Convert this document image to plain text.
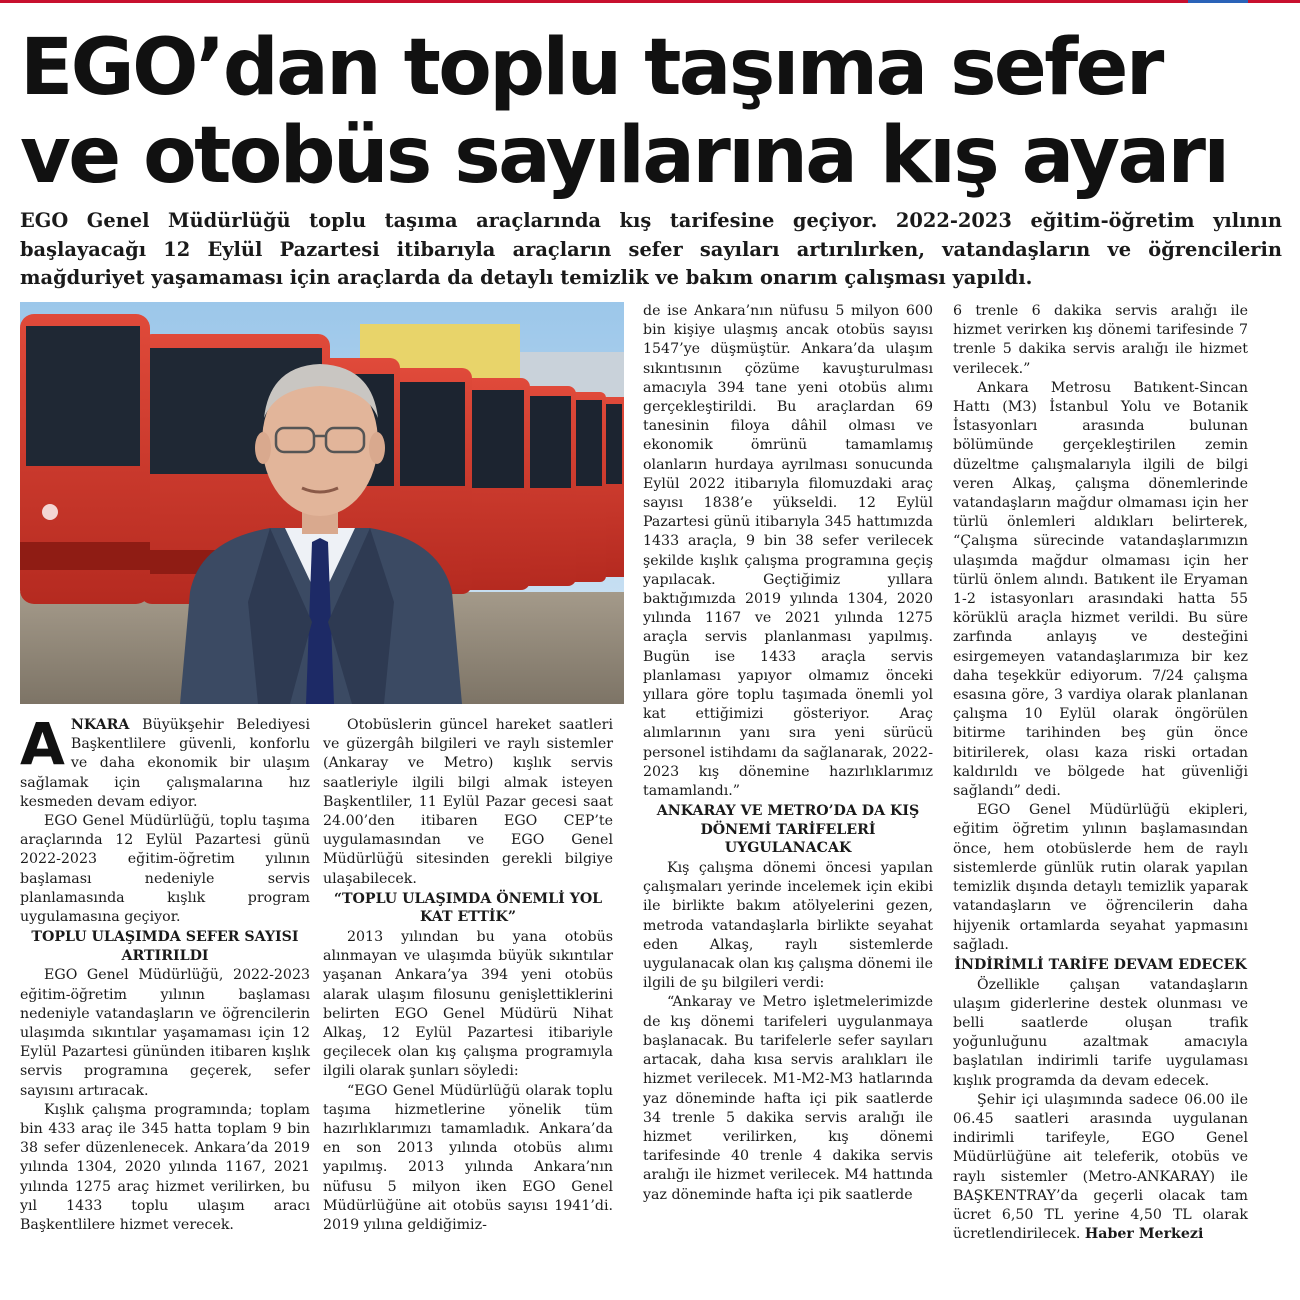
EGO’dan toplu taşıma sefer ve otobüs sayılarına kış ayarı

EGO Genel Müdürlüğü toplu taşıma araçlarında kış tarifesine geçiyor. 2022-2023 eğitim-öğretim yılının başlayacağı 12 Eylül Pazartesi itibarıyla araçların sefer sayıları artırılırken, vatandaşların ve öğrencilerin mağduriyet yaşamaması için araçlarda da detaylı temizlik ve bakım onarım çalışması yapıldı.

ANKARA Büyükşehir Belediyesi Başkentlilere güvenli, konforlu ve daha ekonomik bir ulaşım sağlamak için çalışmalarına hız kesmeden devam ediyor.

EGO Genel Müdürlüğü, toplu taşıma araçlarında 12 Eylül Pazartesi günü 2022-2023 eğitim-öğretim yılının başlaması nedeniyle servis planlamasında kışlık program uygulamasına geçiyor.

TOPLU ULAŞIMDA SEFER SAYISI ARTIRILDI

EGO Genel Müdürlüğü, 2022-2023 eğitim-öğretim yılının başlaması nedeniyle vatandaşların ve öğrencilerin ulaşımda sıkıntılar yaşamaması için 12 Eylül Pazartesi gününden itibaren kışlık servis programına geçerek, sefer sayısını artıracak.

Kışlık çalışma programında; toplam bin 433 araç ile 345 hatta toplam 9 bin 38 sefer düzenlenecek. Ankara’da 2019 yılında 1304, 2020 yılında 1167, 2021 yılında 1275 araç hizmet verilirken, bu yıl 1433 toplu ulaşım aracı Başkentlilere hizmet verecek.

Otobüslerin güncel hareket saatleri ve güzergâh bilgileri ve raylı sistemler (Ankaray ve Metro) kışlık servis saatleriyle ilgili bilgi almak isteyen Başkentliler, 11 Eylül Pazar gecesi saat 24.00’den itibaren EGO CEP’te uygulamasından ve EGO Genel Müdürlüğü sitesinden gerekli bilgiye ulaşabilecek.

“TOPLU ULAŞIMDA ÖNEMLİ YOL KAT ETTİK”

2013 yılından bu yana otobüs alınmayan ve ulaşımda büyük sıkıntılar yaşanan Ankara’ya 394 yeni otobüs alarak ulaşım filosunu genişlettiklerini belirten EGO Genel Müdürü Nihat Alkaş, 12 Eylül Pazartesi itibariyle geçilecek olan kış çalışma programıyla ilgili olarak şunları söyledi:

“EGO Genel Müdürlüğü olarak toplu taşıma hizmetlerine yönelik tüm hazırlıklarımızı tamamladık. Ankara’da en son 2013 yılında otobüs alımı yapılmış. 2013 yılında Ankara’nın nüfusu 5 milyon iken EGO Genel Müdürlüğüne ait otobüs sayısı 1941’di. 2019 yılına geldiğimiz-

de ise Ankara’nın nüfusu 5 milyon 600 bin kişiye ulaşmış ancak otobüs sayısı 1547’ye düşmüştür. Ankara’da ulaşım sıkıntısının çözüme kavuşturulması amacıyla 394 tane yeni otobüs alımı gerçekleştirildi. Bu araçlardan 69 tanesinin filoya dâhil olması ve ekonomik ömrünü tamamlamış olanların hurdaya ayrılması sonucunda Eylül 2022 itibarıyla filomuzdaki araç sayısı 1838’e yükseldi. 12 Eylül Pazartesi günü itibarıyla 345 hattımızda 1433 araçla, 9 bin 38 sefer verilecek şekilde kışlık çalışma programına geçiş yapılacak. Geçtiğimiz yıllara baktığımızda 2019 yılında 1304, 2020 yılında 1167 ve 2021 yılında 1275 araçla servis planlanması yapılmış. Bugün ise 1433 araçla servis planlaması yapıyor olmamız önceki yıllara göre toplu taşımada önemli yol kat ettiğimizi gösteriyor. Araç alımlarının yanı sıra yeni sürücü personel istihdamı da sağlanarak, 2022-2023 kış dönemine hazırlıklarımız tamamlandı.”

ANKARAY VE METRO’DA DA KIŞ DÖNEMİ TARİFELERİ UYGULANACAK

Kış çalışma dönemi öncesi yapılan çalışmaları yerinde incelemek için ekibi ile birlikte bakım atölyelerini gezen, metroda vatandaşlarla birlikte seyahat eden Alkaş, raylı sistemlerde uygulanacak olan kış çalışma dönemi ile ilgili de şu bilgileri verdi:

“Ankaray ve Metro işletmelerimizde de kış dönemi tarifeleri uygulanmaya başlanacak. Bu tarifelerle sefer sayıları artacak, daha kısa servis aralıkları ile hizmet verilecek. M1-M2-M3 hatlarında yaz döneminde hafta içi pik saatlerde 34 trenle 5 dakika servis aralığı ile hizmet verilirken, kış dönemi tarifesinde 40 trenle 4 dakika servis aralığı ile hizmet verilecek. M4 hattında yaz döneminde hafta içi pik saatlerde

6 trenle 6 dakika servis aralığı ile hizmet verirken kış dönemi tarifesinde 7 trenle 5 dakika servis aralığı ile hizmet verilecek.”

Ankara Metrosu Batıkent-Sincan Hattı (M3) İstanbul Yolu ve Botanik İstasyonları arasında bulunan bölümünde gerçekleştirilen zemin düzeltme çalışmalarıyla ilgili de bilgi veren Alkaş, çalışma dönemlerinde vatandaşların mağdur olmaması için her türlü önlemleri aldıkları belirterek, “Çalışma sürecinde vatandaşlarımızın ulaşımda mağdur olmaması için her türlü önlem alındı. Batıkent ile Eryaman 1-2 istasyonları arasındaki hatta 55 körüklü araçla hizmet verildi. Bu süre zarfında anlayış ve desteğini esirgemeyen vatandaşlarımıza bir kez daha teşekkür ediyorum. 7/24 çalışma esasına göre, 3 vardiya olarak planlanan çalışma 10 Eylül olarak öngörülen bitirme tarihinden beş gün önce bitirilerek, olası kaza riski ortadan kaldırıldı ve bölgede hat güvenliği sağlandı” dedi.

EGO Genel Müdürlüğü ekipleri, eğitim öğretim yılının başlamasından önce, hem otobüslerde hem de raylı sistemlerde günlük rutin olarak yapılan temizlik dışında detaylı temizlik yaparak vatandaşların ve öğrencilerin daha hijyenik ortamlarda seyahat yapmasını sağladı.

İNDİRİMLİ TARİFE DEVAM EDECEK

Özellikle çalışan vatandaşların ulaşım giderlerine destek olunması ve belli saatlerde oluşan trafik yoğunluğunu azaltmak amacıyla başlatılan indirimli tarife uygulaması kışlık programda da devam edecek.

Şehir içi ulaşımında sadece 06.00 ile 06.45 saatleri arasında uygulanan indirimli tarifeyle, EGO Genel Müdürlüğüne ait teleferik, otobüs ve raylı sistemler (Metro-ANKARAY) ile BAŞKENTRAY’da geçerli olacak tam ücret 6,50 TL yerine 4,50 TL olarak ücretlendirilecek. Haber Merkezi
